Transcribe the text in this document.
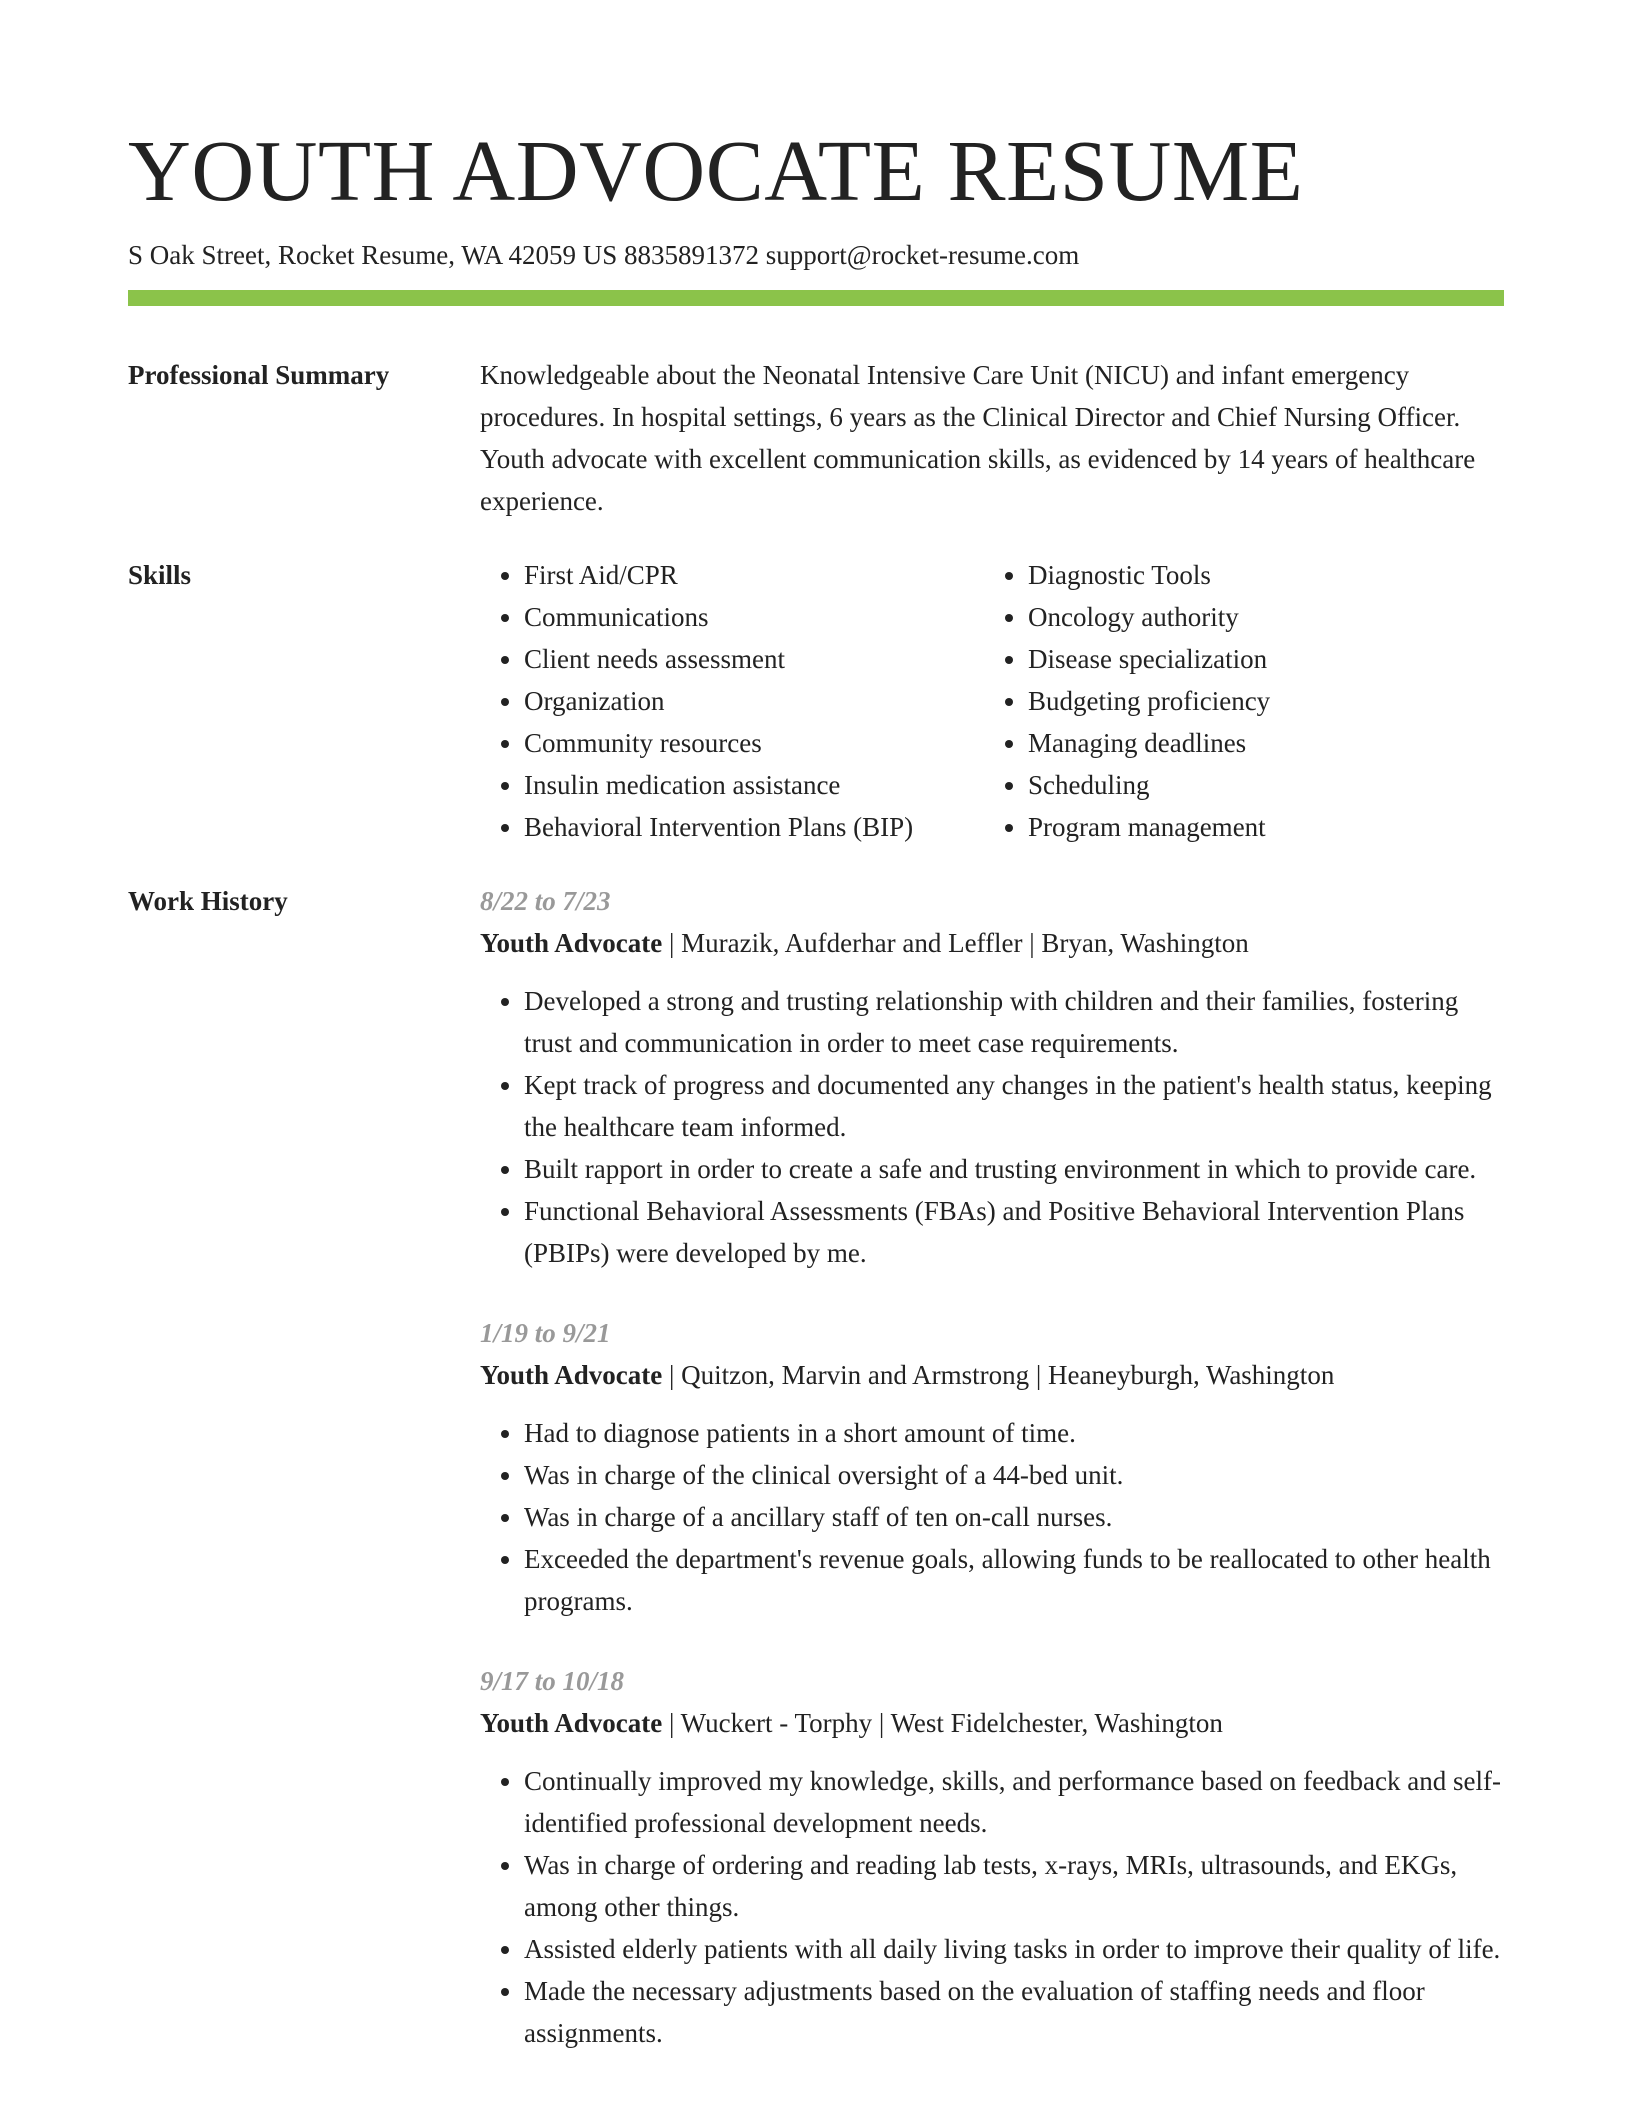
YOUTH ADVOCATE RESUME
S Oak Street, Rocket Resume, WA 42059 US 8835891372 support@rocket-resume.com
Professional Summary	Knowledgeable about the Neonatal Intensive Care Unit (NICU) and infant emergency procedures. In hospital settings, 6 years as the Clinical Director and Chief Nursing Officer. Youth advocate with excellent communication skills, as evidenced by 14 years of healthcare experience.
Skills
•	First Aid/CPR
• Communications
• Client needs assessment
• Organization
• Community resources
• Insulin medication assistance
• Behavioral Intervention Plans (BIP)
• Diagnostic Tools
• Oncology authority
• Disease specialization
• Budgeting proficiency
• Managing deadlines
• Scheduling
• Program management
Work History	8/22 to 7/23
Youth Advocate | Murazik, Aufderhar and Leffler | Bryan, Washington
• Developed a strong and trusting relationship with children and their families, fostering trust and communication in order to meet case requirements.
• Kept track of progress and documented any changes in the patient's health status, keeping the healthcare team informed.
• Built rapport in order to create a safe and trusting environment in which to provide care.
• Functional Behavioral Assessments (FBAs) and Positive Behavioral Intervention Plans (PBIPs) were developed by me.
1/19 to 9/21
Youth Advocate | Quitzon, Marvin and Armstrong | Heaneyburgh, Washington
• Had to diagnose patients in a short amount of time.
• Was in charge of the clinical oversight of a 44-bed unit.
• Was in charge of a ancillary staff of ten on-call nurses.
• Exceeded the department's revenue goals, allowing funds to be reallocated to other health programs.
9/17 to 10/18
Youth Advocate | Wuckert - Torphy | West Fidelchester, Washington
• Continually improved my knowledge, skills, and performance based on feedback and self-identified professional development needs.
• Was in charge of ordering and reading lab tests, x-rays, MRIs, ultrasounds, and EKGs, among other things.
• Assisted elderly patients with all daily living tasks in order to improve their quality of life.
• Made the necessary adjustments based on the evaluation of staffing needs and floor assignments.
